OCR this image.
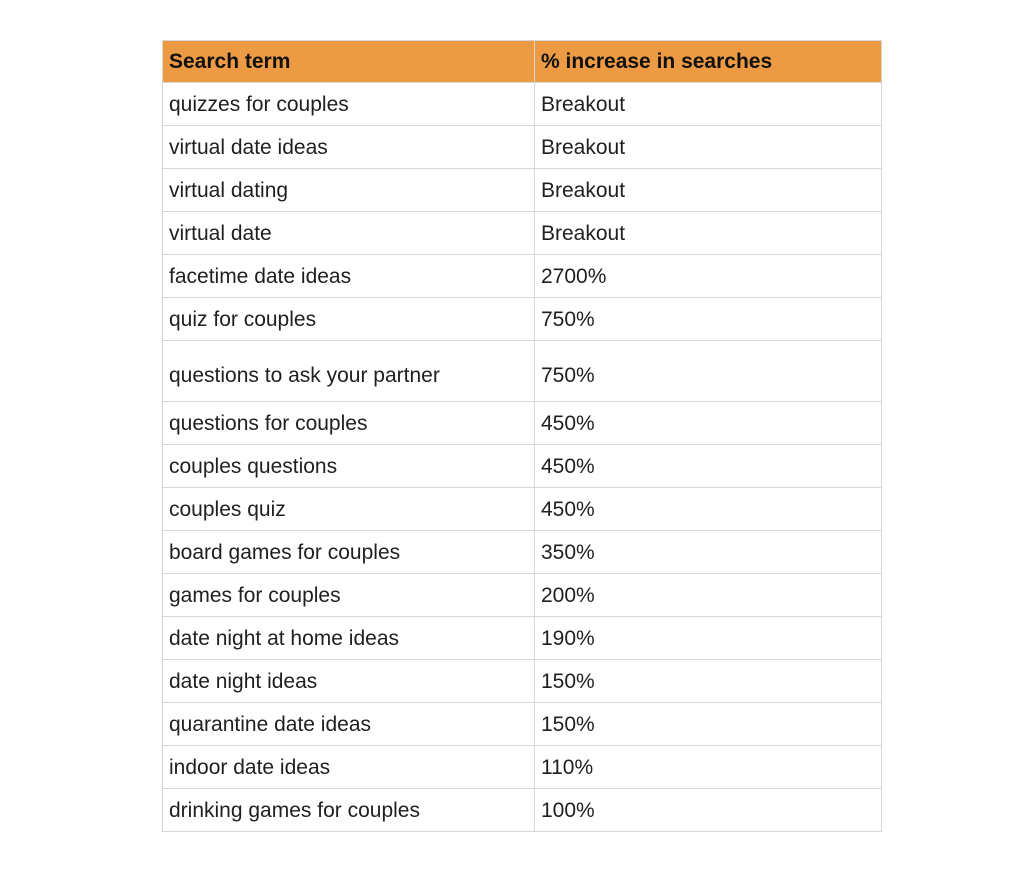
Search term	% increase in searches
quizzes for couples	Breakout
virtual date ideas	Breakout
virtual dating	Breakout
virtual date	Breakout
facetime date ideas	2700%
quiz for couples	750%
questions to ask your partner	750%
questions for couples	450%
couples questions	450%
couples quiz	450%
board games for couples	350%
games for couples	200%
date night at home ideas	190%
date night ideas	150%
quarantine date ideas	150%
indoor date ideas	110%
drinking games for couples	100%
